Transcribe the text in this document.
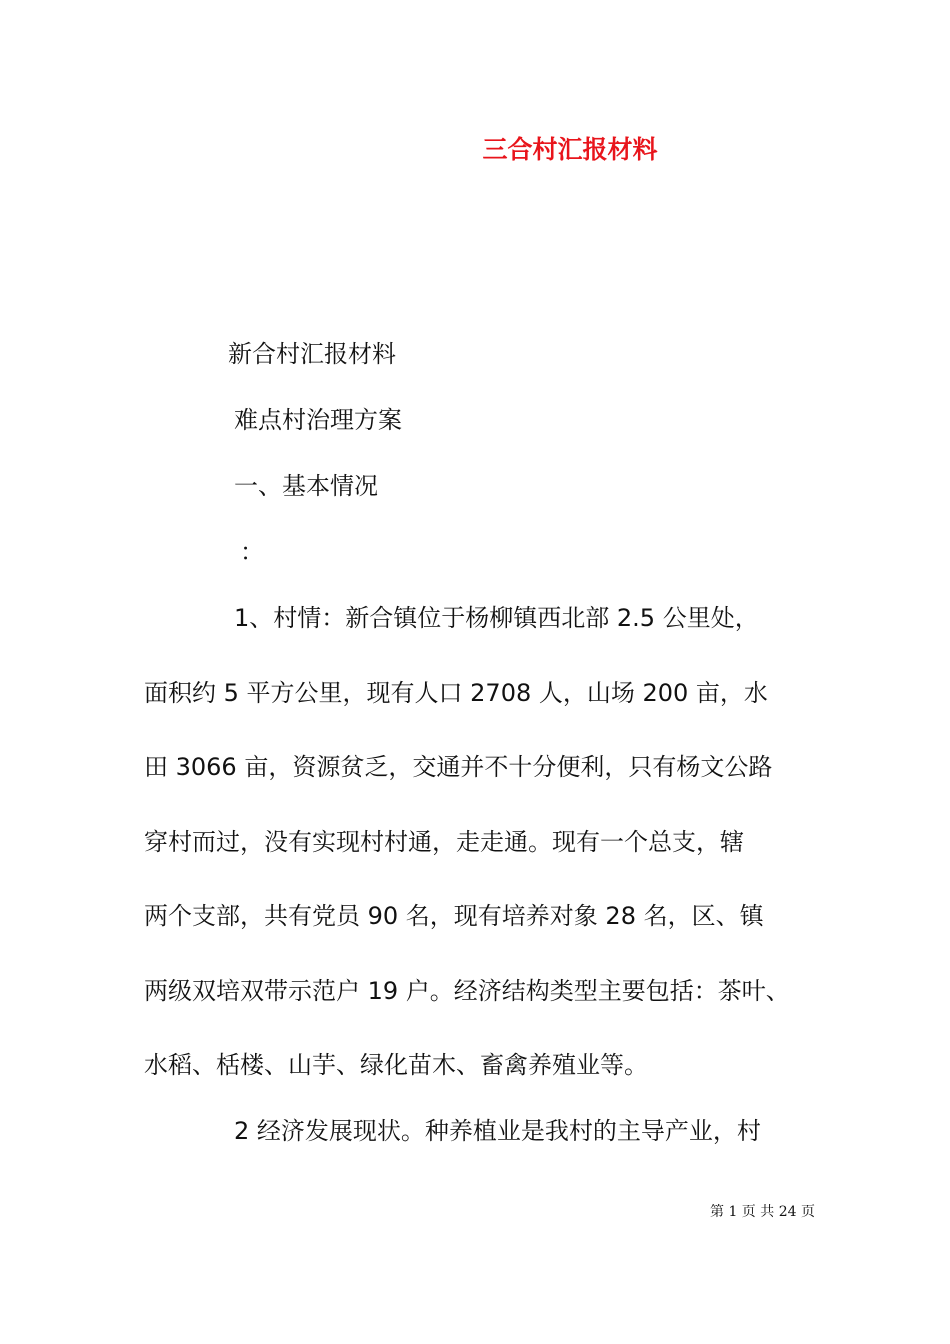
三合村汇报材料
新合村汇报材料
难点村治理方案
一、基本情况
：
1、村情：新合镇位于杨柳镇西北部 2.5 公里处，
面积约 5 平方公里，现有人口 2708 人，山场 200 亩，水
田 3066 亩，资源贫乏，交通并不十分便利，只有杨文公路
穿村而过，没有实现村村通，走走通。现有一个总支，辖
两个支部，共有党员 90 名，现有培养对象 28 名，区、镇
两级双培双带示范户 19 户。经济结构类型主要包括：茶叶、
水稻、栝楼、山芋、绿化苗木、畜禽养殖业等。
2 经济发展现状。种养植业是我村的主导产业，村
第 1 页 共 24 页
